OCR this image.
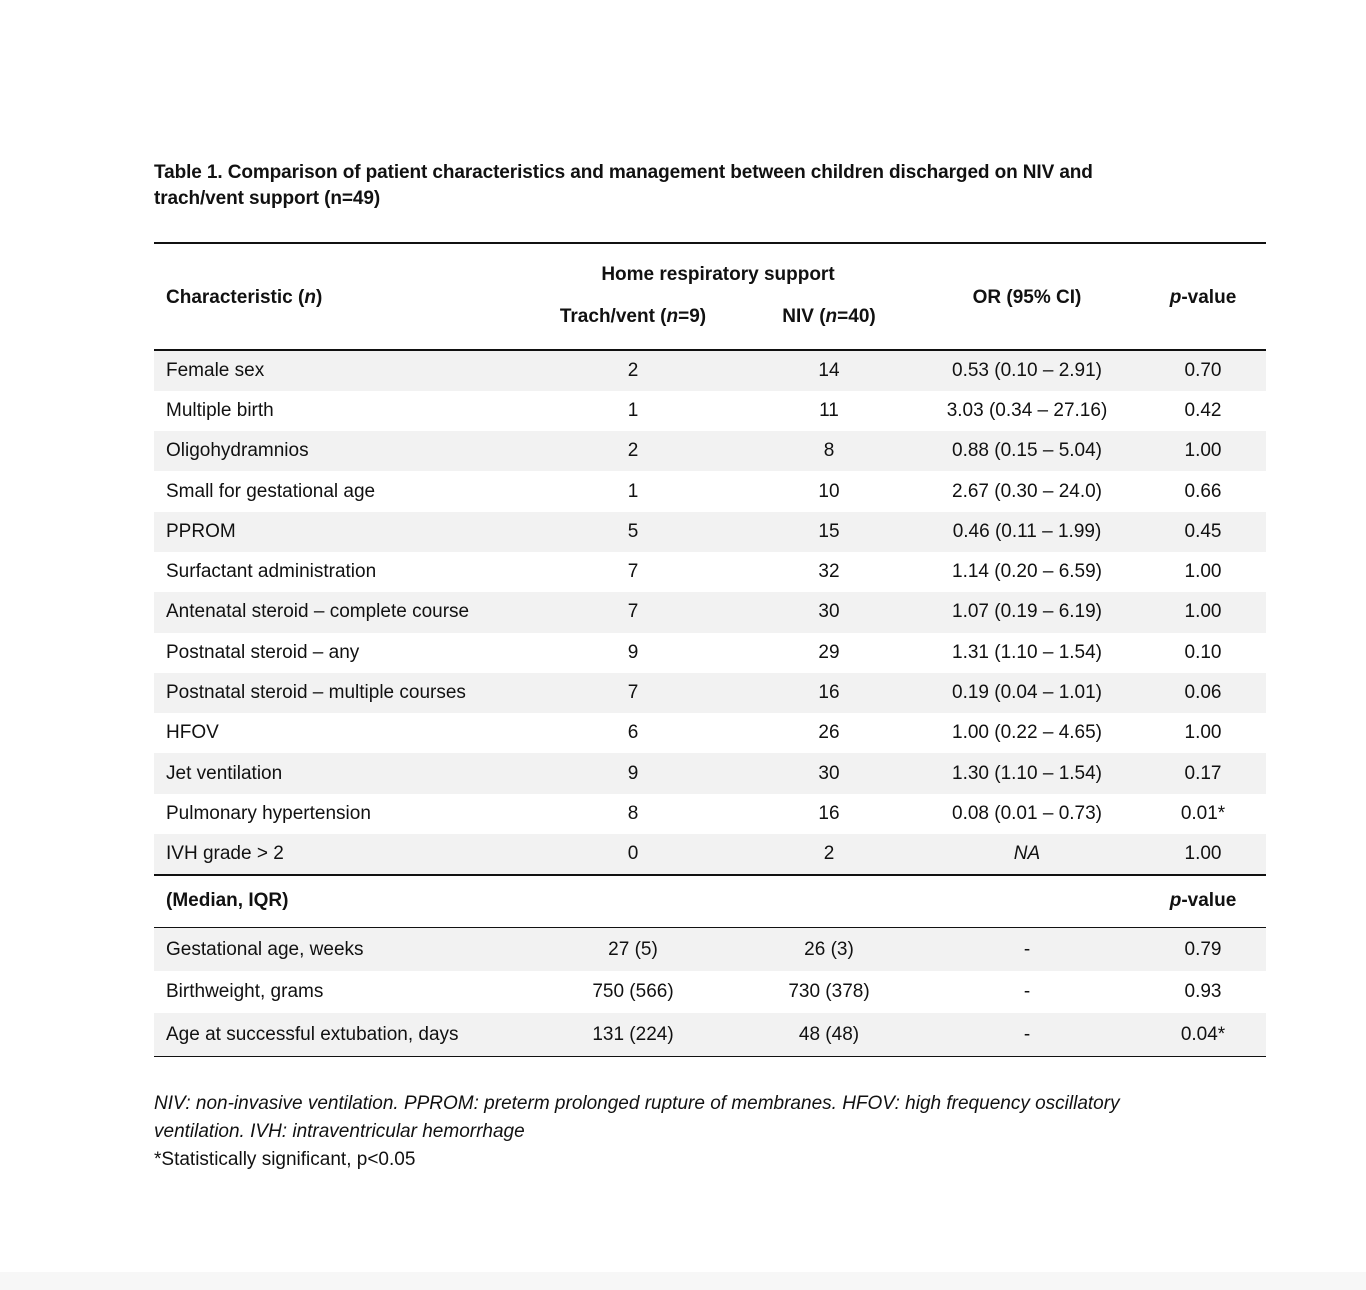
Table 1. Comparison of patient characteristics and management between children discharged on NIV and
trach/vent support (n=49)
Characteristic (n)
Home respiratory support
Trach/vent (n=9)	NIV (n=40)
OR (95% CI)	p-value
Female sex	2	14	0.53 (0.10 – 2.91)	0.70
Multiple birth	1	11	3.03 (0.34 – 27.16)	0.42
Oligohydramnios	2	8	0.88 (0.15 – 5.04)	1.00
Small for gestational age	1	10	2.67 (0.30 – 24.0)	0.66
PPROM	5	15	0.46 (0.11 – 1.99)	0.45
Surfactant administration	7	32	1.14 (0.20 – 6.59)	1.00
Antenatal steroid – complete course	7	30	1.07 (0.19 – 6.19)	1.00
Postnatal steroid – any	9	29	1.31 (1.10 – 1.54)	0.10
Postnatal steroid – multiple courses	7	16	0.19 (0.04 – 1.01)	0.06
HFOV	6	26	1.00 (0.22 – 4.65)	1.00
Jet ventilation	9	30	1.30 (1.10 – 1.54)	0.17
Pulmonary hypertension	8	16	0.08 (0.01 – 0.73)	0.01*
IVH grade > 2	0	2	NA	1.00
(Median, IQR)	p-value
Gestational age, weeks	27 (5)	26 (3)	-	0.79
Birthweight, grams	750 (566)	730 (378)	-	0.93
Age at successful extubation, days	131 (224)	48 (48)	-	0.04*
NIV: non-invasive ventilation. PPROM: preterm prolonged rupture of membranes. HFOV: high frequency oscillatory
ventilation. IVH: intraventricular hemorrhage
*Statistically significant, p<0.05
